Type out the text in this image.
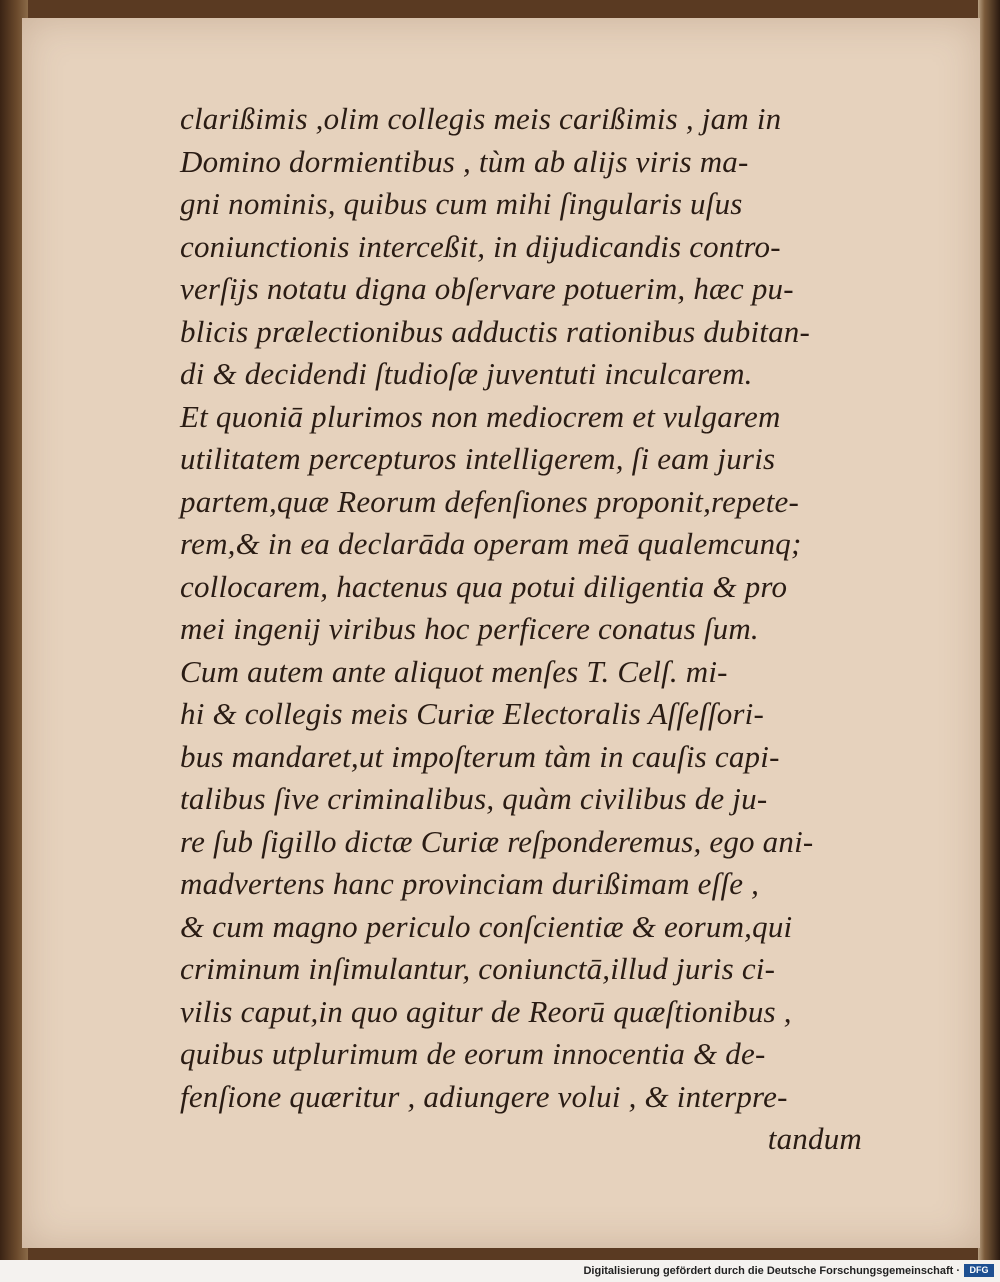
clarißimis ,olim collegis meis carißimis , jam in
Domino dormientibus , tùm ab alijs viris ma-
gni nominis, quibus cum mihi ſingularis uſus
coniunctionis interceßit, in dijudicandis contro-
verſijs notatu digna obſervare potuerim, hæc pu-
blicis prælectionibus adductis rationibus dubitan-
di & decidendi ſtudioſæ juventuti inculcarem.
Et quoniā plurimos non mediocrem et vulgarem
utilitatem percepturos intelligerem, ſi eam juris
partem,quæ Reorum defenſiones proponit,repete-
rem,& in ea declarāda operam meā qualemcunq;
collocarem, hactenus qua potui diligentia & pro
mei ingenij viribus hoc perficere conatus ſum.
Cum autem ante aliquot menſes T. Celſ. mi-
hi & collegis meis Curiæ Electoralis Aſſeſſori-
bus mandaret,ut impoſterum tàm in cauſis capi-
talibus ſive criminalibus, quàm civilibus de ju-
re ſub ſigillo dictæ Curiæ reſponderemus, ego ani-
madvertens hanc provinciam durißimam eſſe ,
& cum magno periculo conſcientiæ & eorum,qui
criminum inſimulantur, coniunctā,illud juris ci-
vilis caput,in quo agitur de Reorū quæſtionibus ,
quibus utplurimum de eorum innocentia & de-
fenſione quæritur , adiungere volui , & interpre-
tandum
Digitalisierung gefördert durch die Deutsche Forschungsgemeinschaft ·	DFG
